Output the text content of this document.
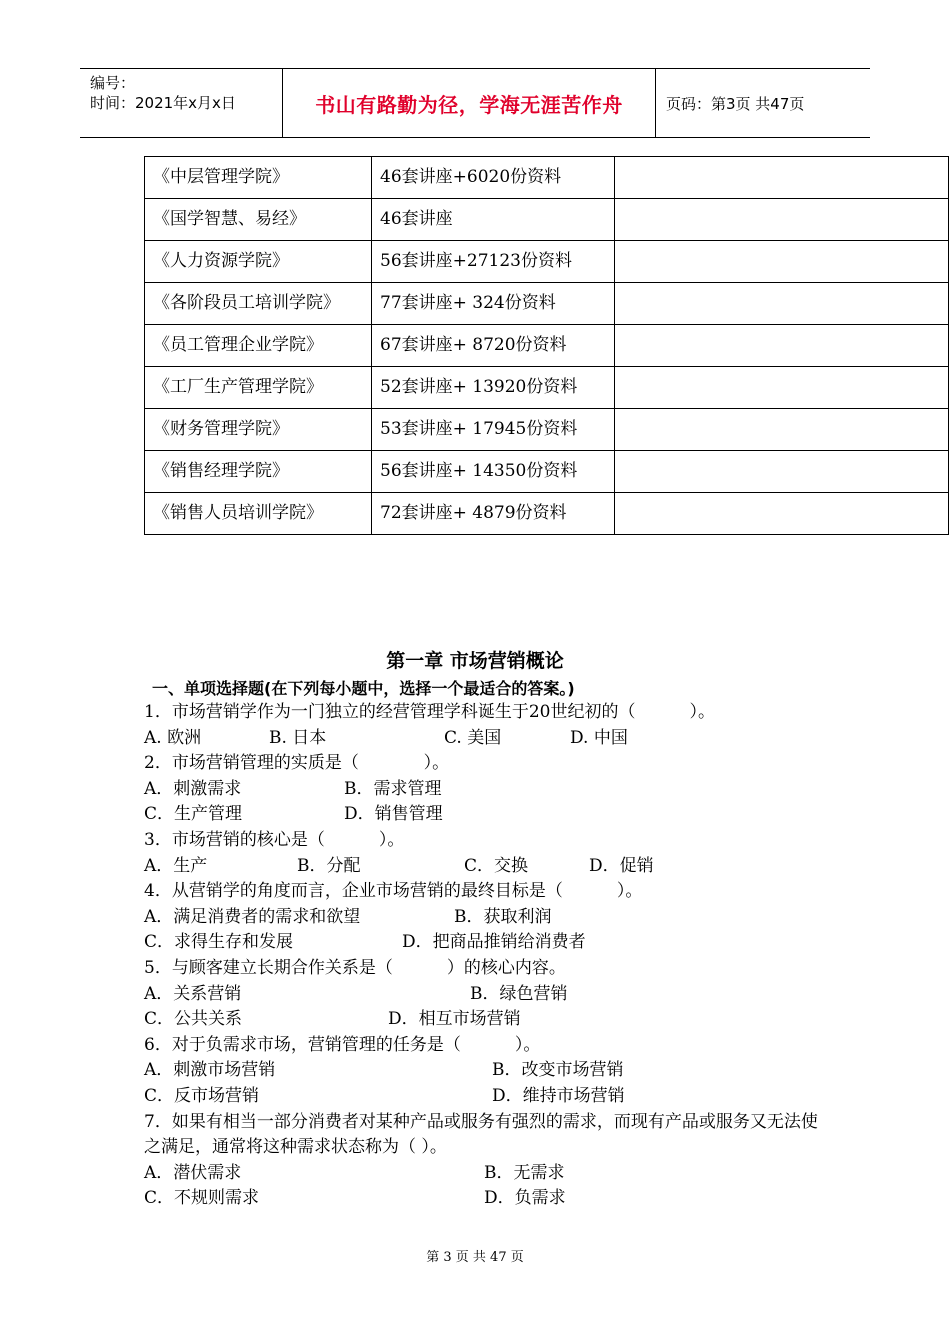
编号：
时间：2021年x月x日	书山有路勤为径，学海无涯苦作舟	页码：第3页 共47页
《中层管理学院》	46套讲座+6020份资料	
《国学智慧、易经》	46套讲座	
《人力资源学院》	56套讲座+27123份资料	
《各阶段员工培训学院》	77套讲座+ 324份资料	
《员工管理企业学院》	67套讲座+ 8720份资料	
《工厂生产管理学院》	52套讲座+ 13920份资料	
《财务管理学院》	53套讲座+ 17945份资料	
《销售经理学院》	56套讲座+ 14350份资料	
《销售人员培训学院》	72套讲座+ 4879份资料	
第一章 市场营销概论
一、单项选择题(在下列每小题中，选择一个最适合的答案。)
1．市场营销学作为一门独立的经营管理学科诞生于20世纪初的（          ）。
A. 欧洲	B. 日本	C. 美国	D. 中国
2．市场营销管理的实质是（            ）。
A．刺激需求	B．需求管理
C．生产管理	D．销售管理
3．市场营销的核心是（          ）。
A．生产	B．分配	C．交换	D．促销
4．从营销学的角度而言，企业市场营销的最终目标是（          ）。
A．满足消费者的需求和欲望	B．获取利润
C．求得生存和发展	D．把商品推销给消费者
5．与顾客建立长期合作关系是（          ）的核心内容。
A．关系营销	B．绿色营销
C．公共关系	D．相互市场营销
6．对于负需求市场，营销管理的任务是（          ）。
A．刺激市场营销	B．改变市场营销
C．反市场营销	D．维持市场营销
7．如果有相当一部分消费者对某种产品或服务有强烈的需求，而现有产品或服务又无法使之满足，通常将这种需求状态称为（ ）。
A．潜伏需求	B．无需求
C．不规则需求	D．负需求
第 3 页 共 47 页
